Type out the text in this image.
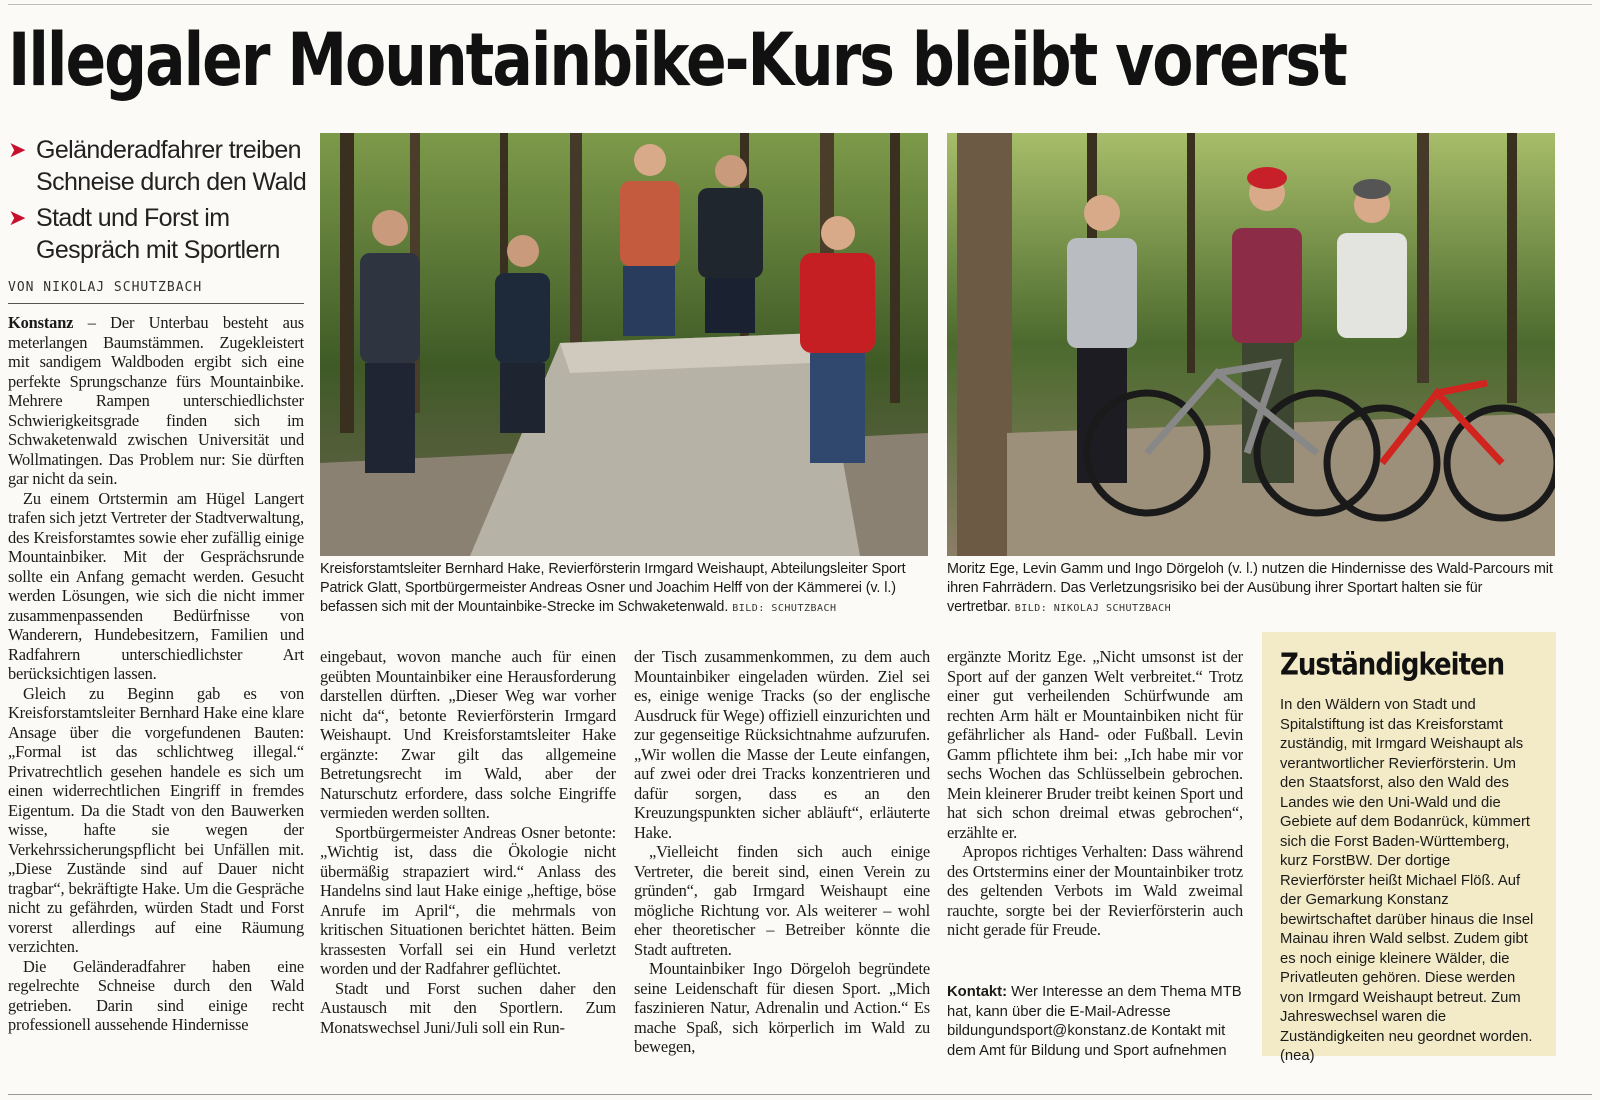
Illegaler Mountainbike-Kurs bleibt vorerst
➤ Geländeradfahrer treiben Schneise durch den Wald
➤ Stadt und Forst im Gespräch mit Sportlern
VON NIKOLAJ SCHUTZBACH

Konstanz – Der Unterbau besteht aus meterlangen Baumstämmen. Zugekleistert mit sandigem Waldboden ergibt sich eine perfekte Sprungschanze fürs Mountainbike. Mehrere Rampen unterschiedlichster Schwierigkeitsgrade finden sich im Schwaketenwald zwischen Universität und Wollmatingen. Das Problem nur: Sie dürften gar nicht da sein.

Zu einem Ortstermin am Hügel Langert trafen sich jetzt Vertreter der Stadtverwaltung, des Kreisforstamtes sowie eher zufällig einige Mountainbiker. Mit der Gesprächsrunde sollte ein Anfang gemacht werden. Gesucht werden Lösungen, wie sich die nicht immer zusammenpassenden Bedürfnisse von Wanderern, Hundebesitzern, Familien und Radfahrern unterschiedlichster Art berücksichtigen lassen.

Gleich zu Beginn gab es von Kreisforstamtsleiter Bernhard Hake eine klare Ansage über die vorgefundenen Bauten: „Formal ist das schlichtweg illegal.“ Privatrechtlich gesehen handele es sich um einen widerrechtlichen Eingriff in fremdes Eigentum. Da die Stadt von den Bauwerken wisse, hafte sie wegen der Verkehrssicherungspflicht bei Unfällen mit. „Diese Zustände sind auf Dauer nicht tragbar“, bekräftigte Hake. Um die Gespräche nicht zu gefährden, würden Stadt und Forst vorerst allerdings auf eine Räumung verzichten.

Die Geländeradfahrer haben eine regelrechte Schneise durch den Wald getrieben. Darin sind einige recht professionell aussehende Hindernisse

Kreisforstamtsleiter Bernhard Hake, Revierförsterin Irmgard Weishaupt, Abteilungsleiter Sport Patrick Glatt, Sportbürgermeister Andreas Osner und Joachim Helff von der Kämmerei (v. l.) befassen sich mit der Mountainbike-Strecke im Schwaketenwald. BILD: SCHUTZBACH
Moritz Ege, Levin Gamm und Ingo Dörgeloh (v. l.) nutzen die Hindernisse des Wald-Parcours mit ihren Fahrrädern. Das Verletzungsrisiko bei der Ausübung ihrer Sportart halten sie für vertretbar. BILD: NIKOLAJ SCHUTZBACH

eingebaut, wovon manche auch für einen geübten Mountainbiker eine Herausforderung darstellen dürften. „Dieser Weg war vorher nicht da“, betonte Revierförsterin Irmgard Weishaupt. Und Kreisforstamtsleiter Hake ergänzte: Zwar gilt das allgemeine Betretungsrecht im Wald, aber der Naturschutz erfordere, dass solche Eingriffe vermieden werden sollten.

Sportbürgermeister Andreas Osner betonte: „Wichtig ist, dass die Ökologie nicht übermäßig strapaziert wird.“ Anlass des Handelns sind laut Hake einige „heftige, böse Anrufe im April“, die mehrmals von kritischen Situationen berichtet hätten. Beim krassesten Vorfall sei ein Hund verletzt worden und der Radfahrer geflüchtet.

Stadt und Forst suchen daher den Austausch mit den Sportlern. Zum Monatswechsel Juni/Juli soll ein Run-

der Tisch zusammenkommen, zu dem auch Mountainbiker eingeladen würden. Ziel sei es, einige wenige Tracks (so der englische Ausdruck für Wege) offiziell einzurichten und zur gegenseitige Rücksichtnahme aufzurufen. „Wir wollen die Masse der Leute einfangen, auf zwei oder drei Tracks konzentrieren und dafür sorgen, dass es an den Kreuzungspunkten sicher abläuft“, erläuterte Hake.

„Vielleicht finden sich auch einige Vertreter, die bereit sind, einen Verein zu gründen“, gab Irmgard Weishaupt eine mögliche Richtung vor. Als weiterer – wohl eher theoretischer – Betreiber könnte die Stadt auftreten.

Mountainbiker Ingo Dörgeloh begründete seine Leidenschaft für diesen Sport. „Mich faszinieren Natur, Adrenalin und Action.“ Es mache Spaß, sich körperlich im Wald zu bewegen,

ergänzte Moritz Ege. „Nicht umsonst ist der Sport auf der ganzen Welt verbreitet.“ Trotz einer gut verheilenden Schürfwunde am rechten Arm hält er Mountainbiken nicht für gefährlicher als Hand- oder Fußball. Levin Gamm pflichtete ihm bei: „Ich habe mir vor sechs Wochen das Schlüsselbein gebrochen. Mein kleinerer Bruder treibt keinen Sport und hat sich schon dreimal etwas gebrochen“, erzählte er.

Apropos richtiges Verhalten: Dass während des Ortstermins einer der Mountainbiker trotz des geltenden Verbots im Wald zweimal rauchte, sorgte bei der Revierförsterin auch nicht gerade für Freude.

Kontakt: Wer Interesse an dem Thema MTB hat, kann über die E-Mail-Adresse bildungundsport@konstanz.de Kontakt mit dem Amt für Bildung und Sport aufnehmen
Zuständigkeiten
In den Wäldern von Stadt und Spitalstiftung ist das Kreisforstamt zuständig, mit Irmgard Weishaupt als verantwortlicher Revierförsterin. Um den Staatsforst, also den Wald des Landes wie den Uni-Wald und die Gebiete auf dem Bodanrück, kümmert sich die Forst Baden-Württemberg, kurz ForstBW. Der dortige Revierförster heißt Michael Flöß. Auf der Gemarkung Konstanz bewirtschaftet darüber hinaus die Insel Mainau ihren Wald selbst. Zudem gibt es noch einige kleinere Wälder, die Privatleuten gehören. Diese werden von Irmgard Weishaupt betreut. Zum Jahreswechsel waren die Zuständigkeiten neu geordnet worden. (nea)
